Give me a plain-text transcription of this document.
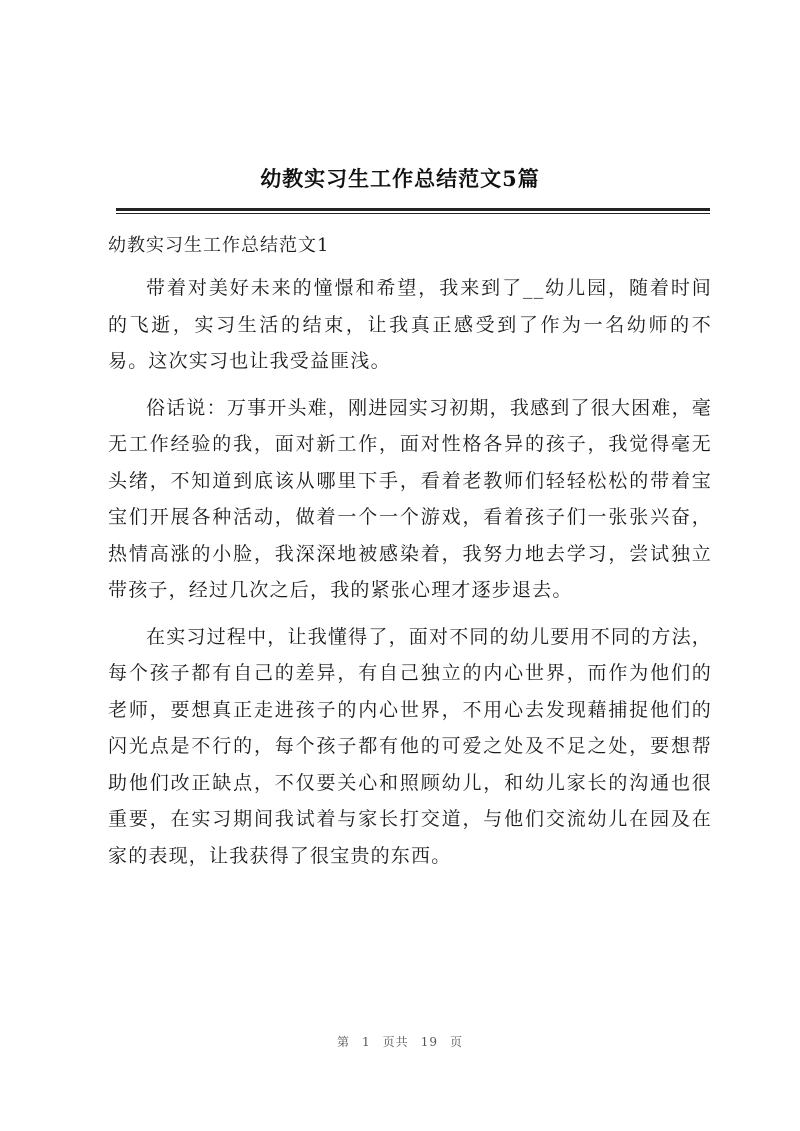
幼教实习生工作总结范文5篇

幼教实习生工作总结范文1

带着对美好未来的憧憬和希望，我来到了__幼儿园，随着时间的飞逝，实习生活的结束，让我真正感受到了作为一名幼师的不易。这次实习也让我受益匪浅。

俗话说：万事开头难，刚进园实习初期，我感到了很大困难，毫无工作经验的我，面对新工作，面对性格各异的孩子，我觉得毫无头绪，不知道到底该从哪里下手，看着老教师们轻轻松松的带着宝宝们开展各种活动，做着一个一个游戏，看着孩子们一张张兴奋，热情高涨的小脸，我深深地被感染着，我努力地去学习，尝试独立带孩子，经过几次之后，我的紧张心理才逐步退去。

在实习过程中，让我懂得了，面对不同的幼儿要用不同的方法，每个孩子都有自己的差异，有自己独立的内心世界，而作为他们的老师，要想真正走进孩子的内心世界，不用心去发现藉捕捉他们的闪光点是不行的，每个孩子都有他的可爱之处及不足之处，要想帮助他们改正缺点，不仅要关心和照顾幼儿，和幼儿家长的沟通也很重要，在实习期间我试着与家长打交道，与他们交流幼儿在园及在家的表现，让我获得了很宝贵的东西。

第 1 页共 19 页
